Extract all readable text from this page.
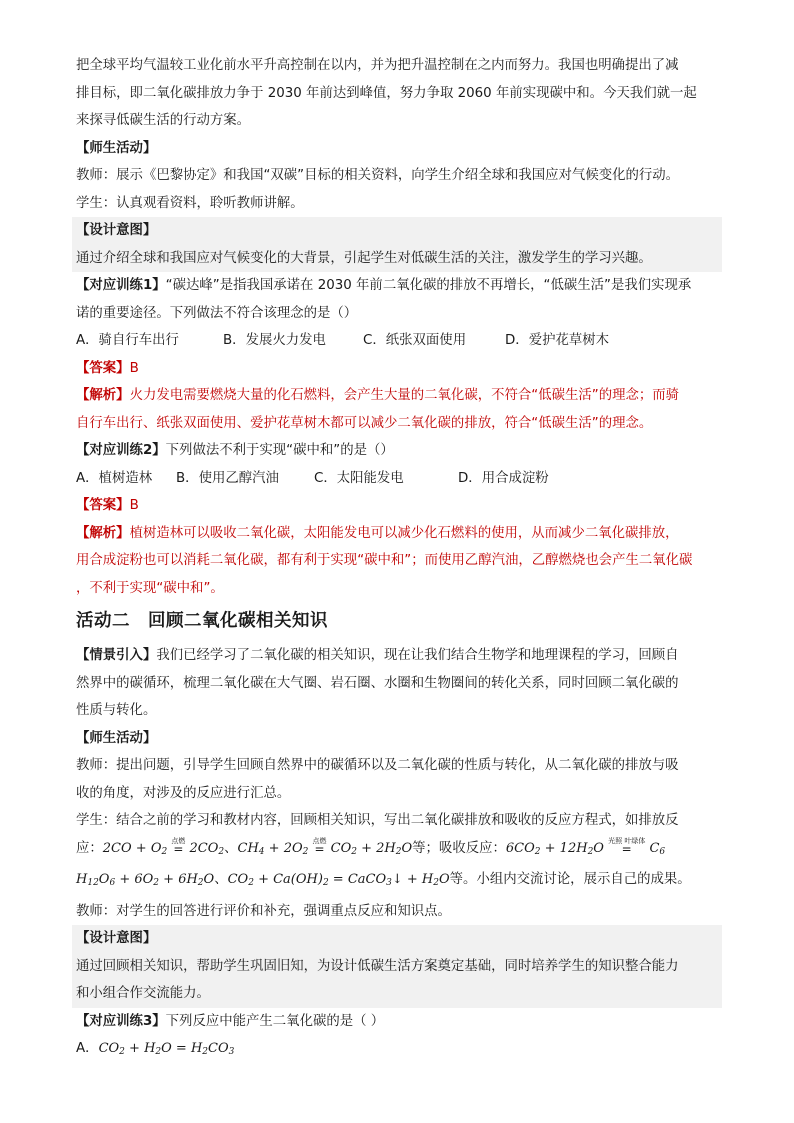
把全球平均气温较工业化前水平升高控制在以内，并为把升温控制在之内而努力。我国也明确提出了减

排目标，即二氧化碳排放力争于 2030 年前达到峰值，努力争取 2060 年前实现碳中和。今天我们就一起

来探寻低碳生活的行动方案。

【师生活动】

教师：展示《巴黎协定》和我国“双碳”目标的相关资料，向学生介绍全球和我国应对气候变化的行动。

学生：认真观看资料，聆听教师讲解。

【设计意图】

通过介绍全球和我国应对气候变化的大背景，引起学生对低碳生活的关注，激发学生的学习兴趣。

【对应训练1】“碳达峰”是指我国承诺在 2030 年前二氧化碳的排放不再增长，“低碳生活”是我们实现承

诺的重要途径。下列做法不符合该理念的是（）

A．骑自行车出行	B．发展火力发电	C．纸张双面使用	D．爱护花草树木

【答案】B

【解析】火力发电需要燃烧大量的化石燃料，会产生大量的二氧化碳，不符合“低碳生活”的理念；而骑

自行车出行、纸张双面使用、爱护花草树木都可以减少二氧化碳的排放，符合“低碳生活”的理念。

【对应训练2】下列做法不利于实现“碳中和”的是（）

A．植树造林 B．使用乙醇汽油	C．太阳能发电	D．用合成淀粉

【答案】B

【解析】植树造林可以吸收二氧化碳，太阳能发电可以减少化石燃料的使用，从而减少二氧化碳排放，

用合成淀粉也可以消耗二氧化碳，都有利于实现“碳中和”；而使用乙醇汽油，乙醇燃烧也会产生二氧化碳

，不利于实现“碳中和”。

活动二　回顾二氧化碳相关知识

【情景引入】我们已经学习了二氧化碳的相关知识，现在让我们结合生物学和地理课程的学习，回顾自

然界中的碳循环，梳理二氧化碳在大气圈、岩石圈、水圈和生物圈间的转化关系，同时回顾二氧化碳的

性质与转化。

【师生活动】

教师：提出问题，引导学生回顾自然界中的碳循环以及二氧化碳的性质与转化，从二氧化碳的排放与吸

收的角度，对涉及的反应进行汇总。

学生：结合之前的学习和教材内容，回顾相关知识，写出二氧化碳排放和吸收的反应方程式，如排放反

应：$2CO + O_2$
点燃
= $2CO_2$、$CH_4 + 2O_2$
点燃
= $CO_2 + 2H_2O$等；吸收反应：$6CO_2 + 12H_2O$ 光照 叶绿体
=	$C_6$

$H_{12}O_6 + 6O_2 + 6H_2O$、$CO_2 + Ca(OH)_2$ = CaCO$_3$↓ + $H_2O$等。小组内交流讨论，展示自己的成果。

教师：对学生的回答进行评价和补充，强调重点反应和知识点。

【设计意图】

通过回顾相关知识，帮助学生巩固旧知，为设计低碳生活方案奠定基础，同时培养学生的知识整合能力

和小组合作交流能力。

【对应训练3】下列反应中能产生二氧化碳的是（ ）

A．$CO_2 + H_2O = H_2CO_3$
